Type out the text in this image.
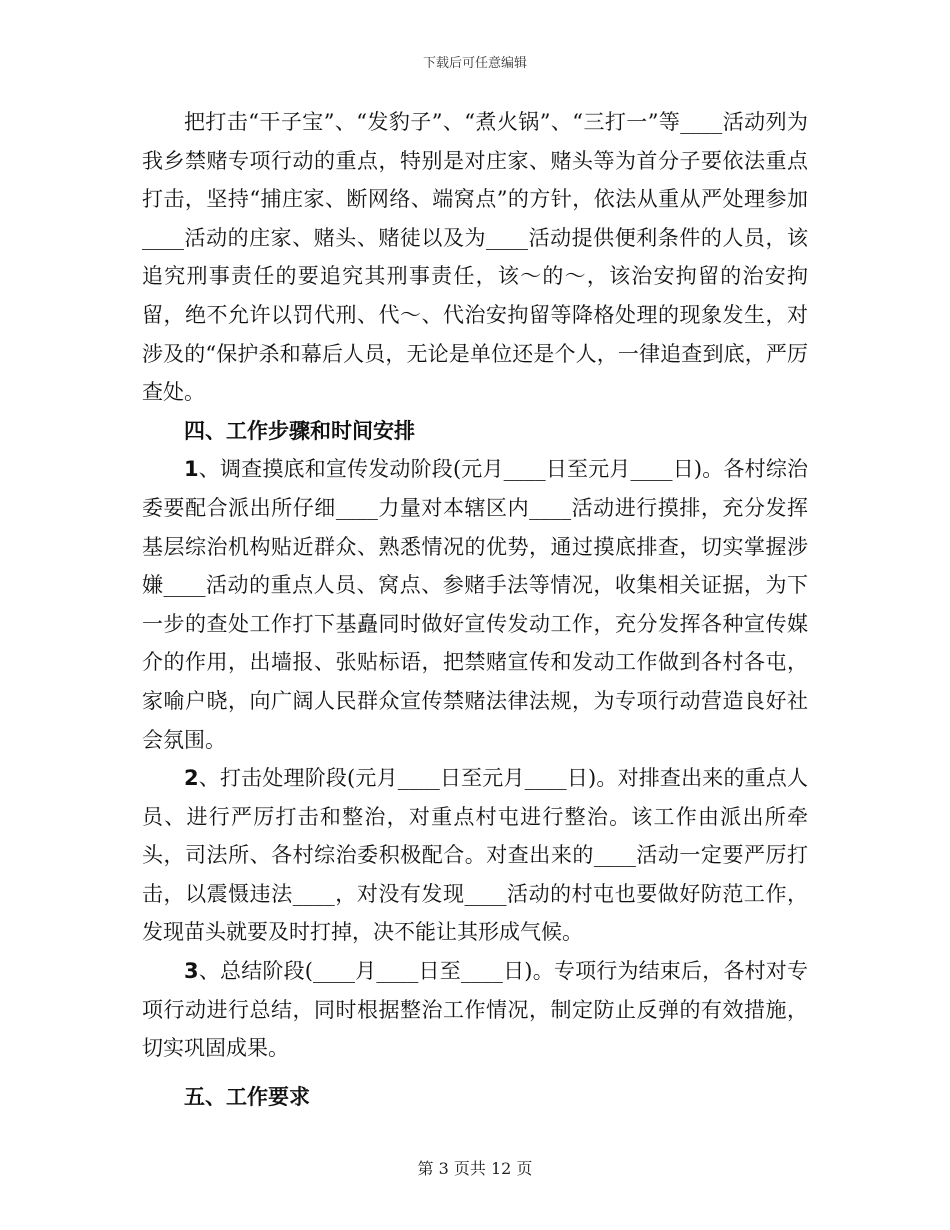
下载后可任意编辑

把打击“干子宝”、“发豹子”、“煮火锅”、“三打一”等____活动列为我乡禁赌专项行动的重点，特别是对庄家、赌头等为首分子要依法重点打击，坚持“捕庄家、断网络、端窝点”的方针，依法从重从严处理参加____活动的庄家、赌头、赌徒以及为____活动提供便利条件的人员，该追究刑事责任的要追究其刑事责任，该～的～，该治安拘留的治安拘留，绝不允许以罚代刑、代～、代治安拘留等降格处理的现象发生，对涉及的“保护杀和幕后人员，无论是单位还是个人，一律追查到底，严厉查处。

四、工作步骤和时间安排

1、调查摸底和宣传发动阶段(元月____日至元月____日)。各村综治委要配合派出所仔细____力量对本辖区内____活动进行摸排，充分发挥基层综治机构贴近群众、熟悉情况的优势，通过摸底排查，切实掌握涉嫌____活动的重点人员、窝点、参赌手法等情况，收集相关证据，为下一步的查处工作打下基矗同时做好宣传发动工作，充分发挥各种宣传媒介的作用，出墙报、张贴标语，把禁赌宣传和发动工作做到各村各屯，家喻户晓，向广阔人民群众宣传禁赌法律法规，为专项行动营造良好社会氛围。

2、打击处理阶段(元月____日至元月____日)。对排查出来的重点人员、进行严厉打击和整治，对重点村屯进行整治。该工作由派出所牵头，司法所、各村综治委积极配合。对查出来的____活动一定要严厉打击，以震慑违法____，对没有发现____活动的村屯也要做好防范工作，发现苗头就要及时打掉，决不能让其形成气候。

3、总结阶段(____月____日至____日)。专项行为结束后，各村对专项行动进行总结，同时根据整治工作情况，制定防止反弹的有效措施，切实巩固成果。

五、工作要求

第 3 页共 12 页
